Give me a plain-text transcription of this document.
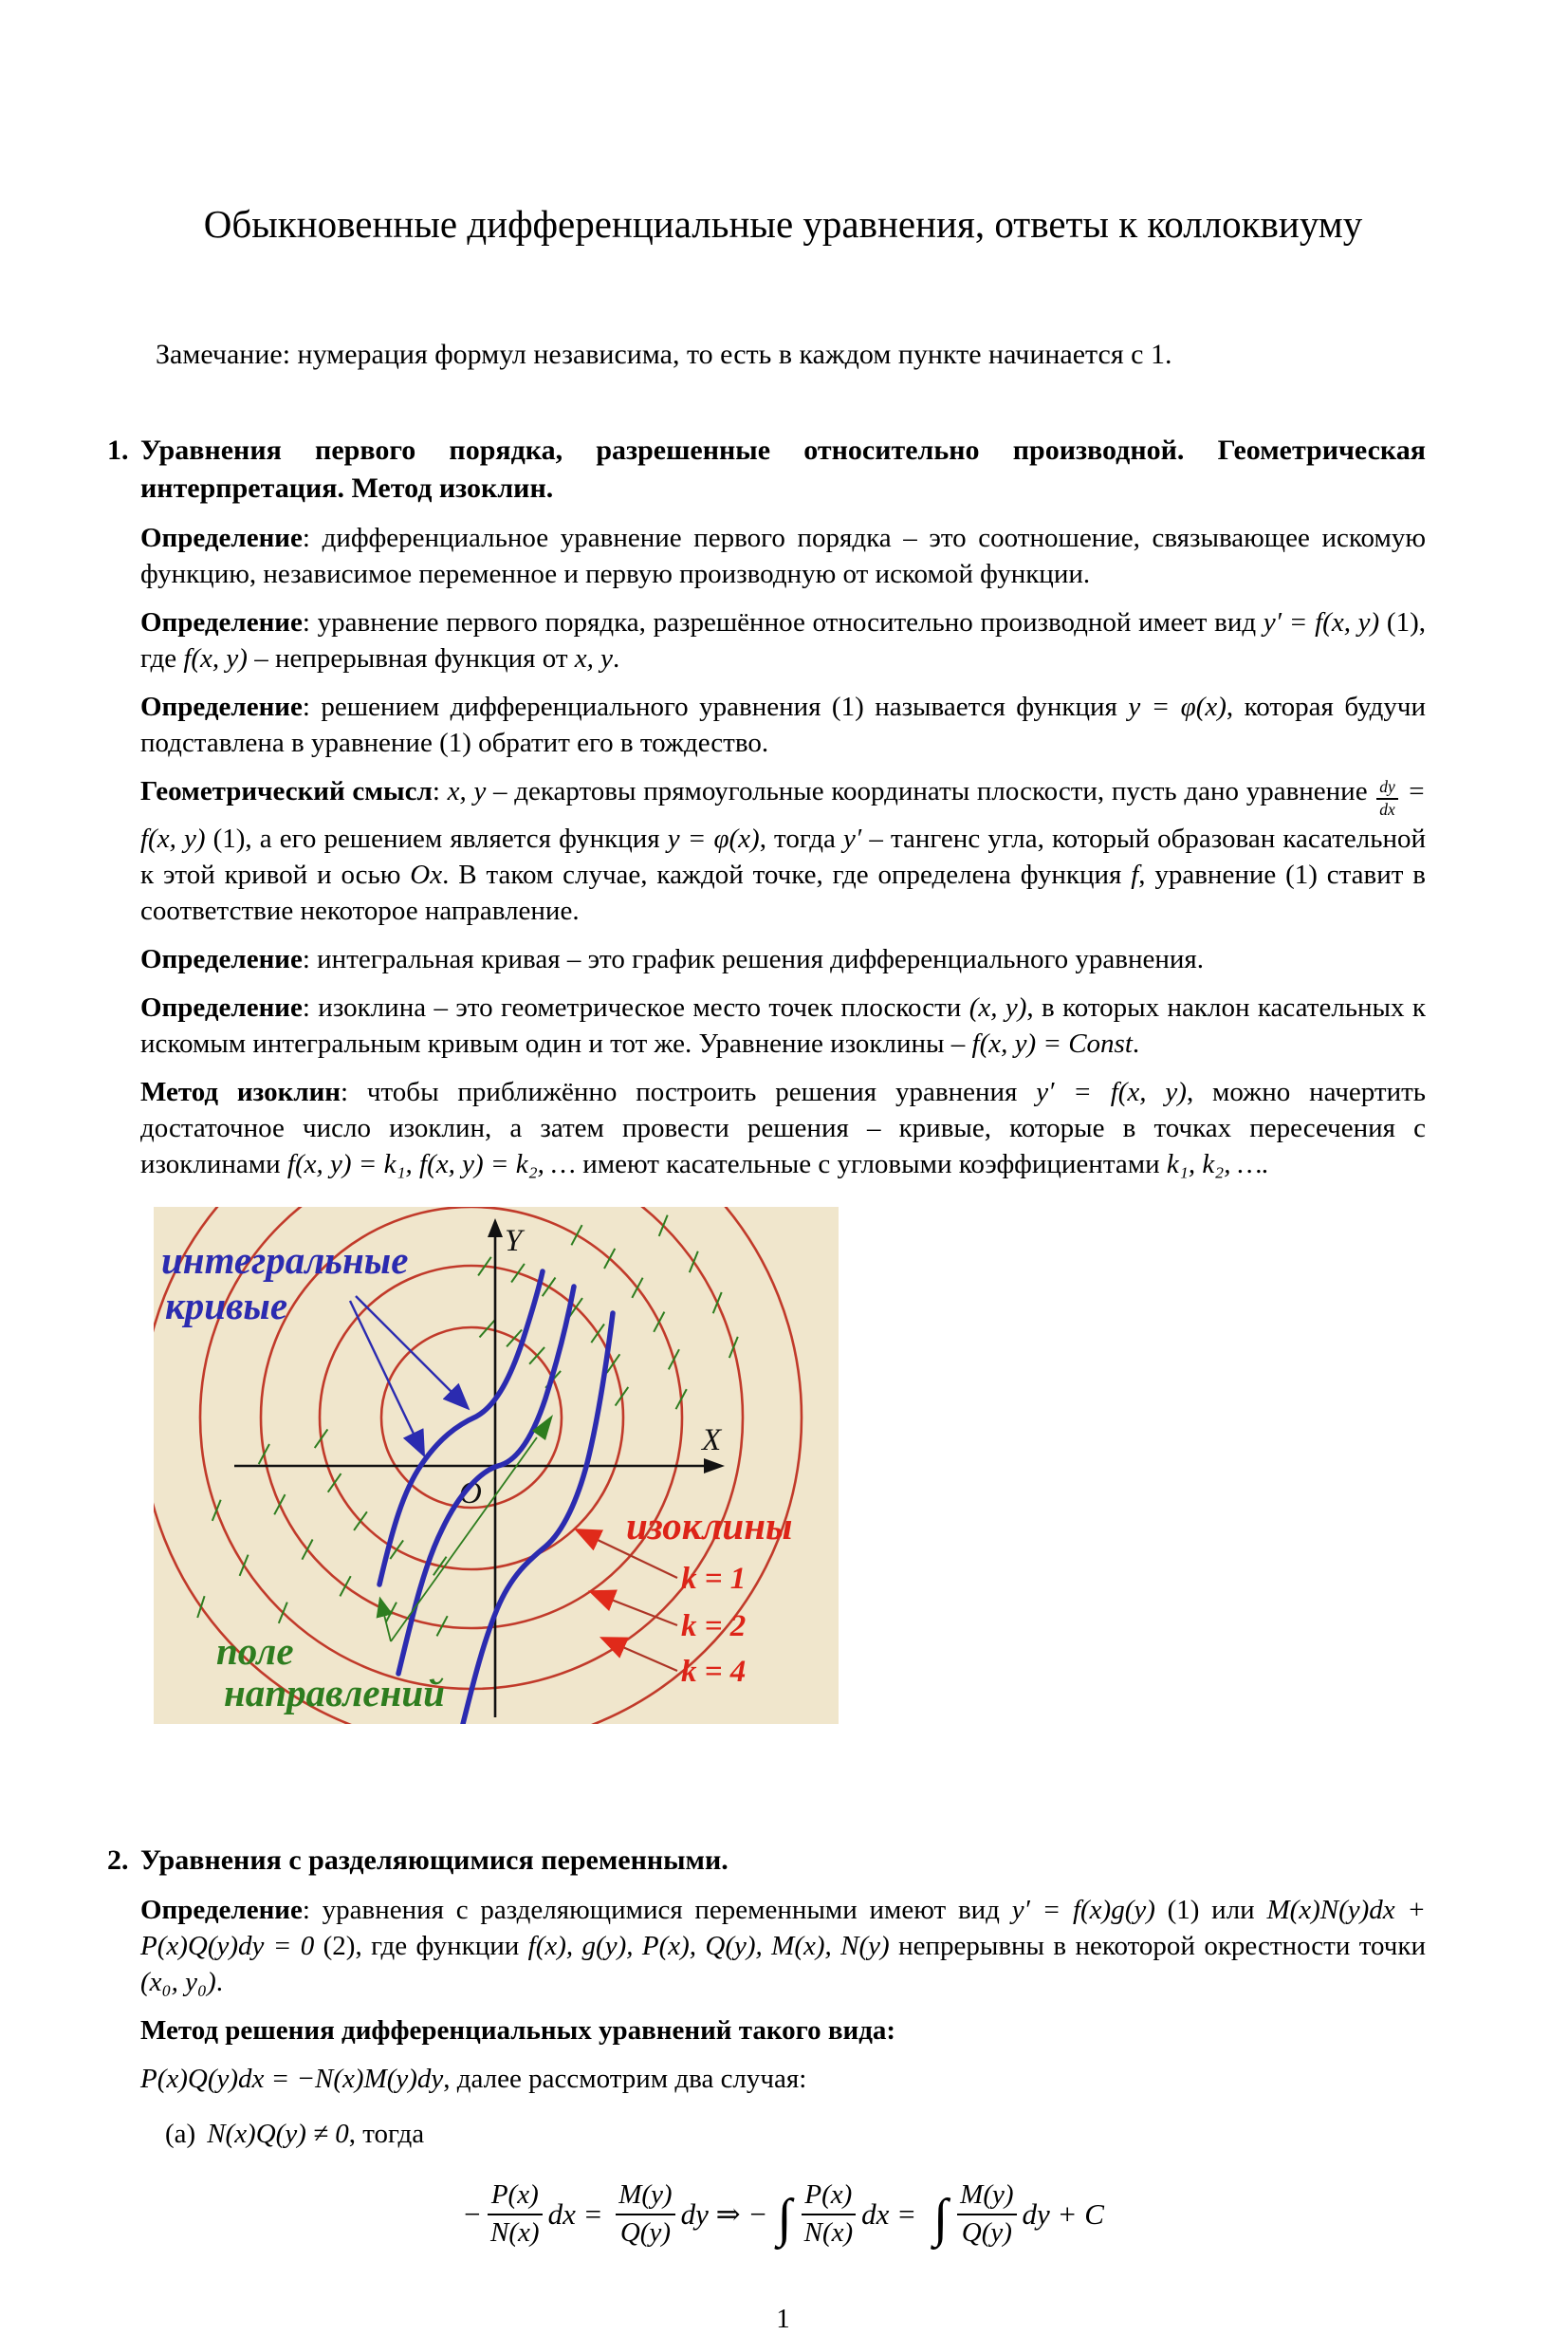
Обыкновенные дифференциальные уравнения, ответы к коллоквиуму

Замечание: нумерация формул независима, то есть в каждом пункте начинается с 1.

1. Уравнения первого порядка, разрешенные относительно производной. Геометрическая интерпретация. Метод изоклин.
Определение: дифференциальное уравнение первого порядка – это соотношение, связывающее искомую функцию, независимое переменное и первую производную от искомой функции.
Определение: уравнение первого порядка, разрешённое относительно производной имеет вид y′ = f(x, y) (1), где f(x, y) – непрерывная функция от x, y.
Определение: решением дифференциального уравнения (1) называется функция y = φ(x), которая будучи подставлена в уравнение (1) обратит его в тождество.
Геометрический смысл: x, y – декартовы прямоугольные координаты плоскости, пусть дано уравнение $\frac{dy}{dx} = f(x$, y) (1), а его решением является функция y = φ(x), тогда y′ – тангенс угла, который образован касательной к этой кривой и осью Ox. В таком случае, каждой точке, где определена функция f, уравнение (1) ставит в соответствие некоторое направление.
Определение: интегральная кривая – это график решения дифференциального уравнения.
Определение: изоклина – это геометрическое место точек плоскости (x, y), в которых наклон касательных к искомым интегральным кривым один и тот же. Уравнение изоклины – f(x, y) = Const.
Метод изоклин: чтобы приближённо построить решения уравнения y′ = f(x, y), можно начертить достаточное число изоклин, а затем провести решения – кривые, которые в точках пересечения с изоклинами f(x, y) = k₁, f(x, y) = k₂, … имеют касательные с угловыми коэффициентами k₁, k₂, ….
Y
X
O
интегральные
кривые
изоклины
k = 1
k = 2
k = 4
поле
направлений
2. Уравнения с разделяющимися переменными.
Определение: уравнения с разделяющимися переменными имеют вид y′ = f(x)g(y) (1) или M(x)N(y)dx + P(x)Q(y)dy = 0 (2), где функции f(x), g(y), P(x), Q(y), M(x), N(y) непрерывны в некоторой окрестности точки (x₀, y₀).
Метод решения дифференциальных уравнений такого вида:
P(x)Q(y)dx = −N(x)M(y)dy, далее рассмотрим два случая:
(a) N(x)Q(y) ≠ 0, тогда
− $\frac{P(x)}{N(x)}$ dx = $\frac{M(y)}{Q(y)}$ dy ⇒ − ∫ $\frac{P(x)}{N(x)}$ dx = ∫ $\frac{M(y)}{Q(y)}$ dy + C
1
